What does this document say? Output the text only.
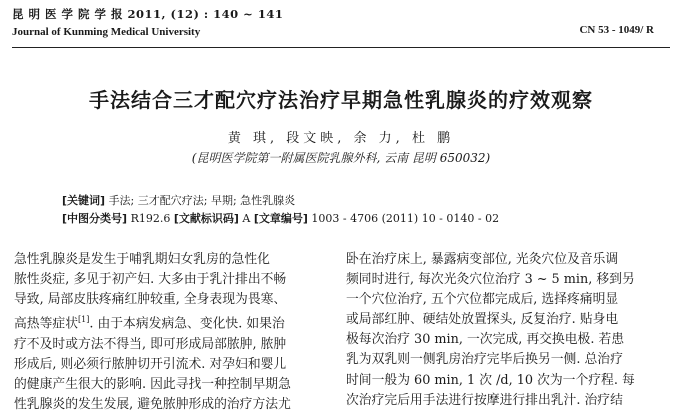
昆 明 医 学 院 学 报 2011, (12) : 140 ~ 141
Journal of Kunming Medical University	CN 53 - 1049/ R
手法结合三才配穴疗法治疗早期急性乳腺炎的疗效观察
黄 琪, 段文映, 余 力, 杜 鹏
(昆明医学院第一附属医院乳腺外科, 云南 昆明 650032)
[关键词] 手法; 三才配穴疗法; 早期; 急性乳腺炎
[中图分类号] R192.6 [文献标识码] A [文章编号] 1003 - 4706 (2011) 10 - 0140 - 02
急性乳腺炎是发生于哺乳期妇女乳房的急性化
脓性炎症, 多见于初产妇. 大多由于乳汁排出不畅
导致, 局部皮肤疼痛红肿较重, 全身表现为畏寒、
高热等症状[1]. 由于本病发病急、变化快. 如果治
疗不及时或方法不得当, 即可形成局部脓肿, 脓肿
形成后, 则必须行脓肿切开引流术. 对孕妇和婴儿
的健康产生很大的影响. 因此寻找一种控制早期急
性乳腺炎的发生发展, 避免脓肿形成的治疗方法尤
卧在治疗床上, 暴露病变部位, 光灸穴位及音乐调
频同时进行, 每次光灸穴位治疗 3 ~ 5 min, 移到另
一个穴位治疗, 五个穴位都完成后, 选择疼痛明显
或局部红肿、硬结处放置探头, 反复治疗. 贴身电
极每次治疗 30 min, 一次完成, 再交换电极. 若患
乳为双乳则一侧乳房治疗完毕后换另一侧. 总治疗
时间一般为 60 min, 1 次 /d, 10 次为一个疗程. 每
次治疗完后用手法进行按摩进行排出乳汁. 治疗结
